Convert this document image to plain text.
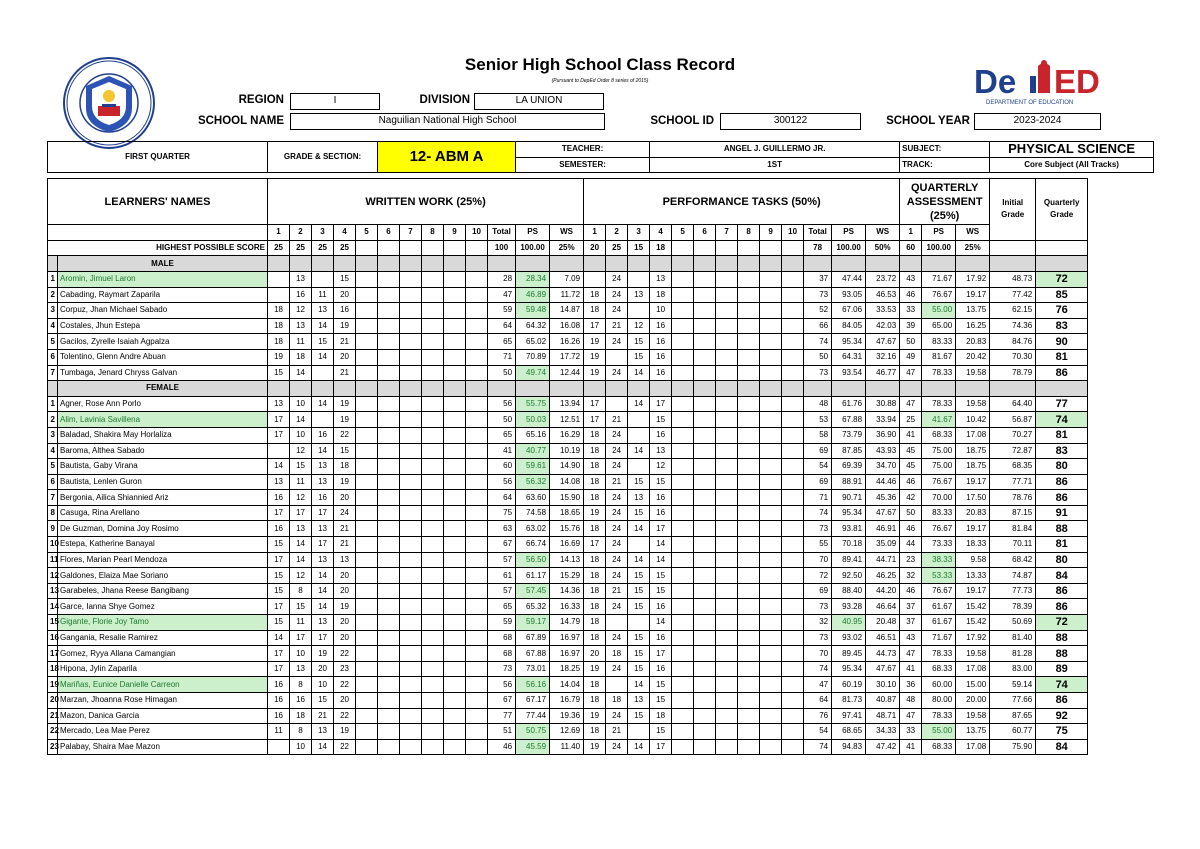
De ED
DEPARTMENT OF EDUCATION
Senior High School Class Record
(Pursuant to DepEd Order 8 series of 2015)
REGION	I	DIVISION	LA UNION
SCHOOL NAME	Naguilian National High School	SCHOOL ID	300122	SCHOOL YEAR	2023-2024
FIRST QUARTER		GRADE & SECTION:					12- ABM A						TEACHER:					ANGEL J. GUILLERMO JR.										SUBJECT:			PHYSICAL SCIENCE	
													SEMESTER:					1ST										TRACK:			Core Subject (All Tracks)	

LEARNERS' NAMES		WRITTEN WORK (25%)													PERFORMANCE TASKS (50%)													QUARTERLY ASSESSMENT (25%)			Initial Grade	Quarterly Grade

		1	2	3	4	5	6	7	8	9	10	Total	PS	WS	1	2	3	4	5	6	7	8	9	10	Total	PS	WS	1	PS	WS		
HIGHEST POSSIBLE SCORE		25	25	25	25							100	100.00	25%	20	25	15	18							78	100.00	50%	60	100.00	25%		
	MALE																															
1	Aromin, Jimuel Laron		13		15							28	28.34	7.09		24		13							37	47.44	23.72	43	71.67	17.92	48.73	72
2	Cabading, Raymart Zaparila		16	11	20							47	46.89	11.72	18	24	13	18							73	93.05	46.53	46	76.67	19.17	77.42	85
3	Corpuz, Jhan Michael Sabado	18	12	13	16							59	59.48	14.87	18	24		10							52	67.06	33.53	33	55.00	13.75	62.15	76
4	Costales, Jhun Estepa	18	13	14	19							64	64.32	16.08	17	21	12	16							66	84.05	42.03	39	65.00	16.25	74.36	83
5	Gacilos, Zyrelle Isaiah Agpalza	18	11	15	21							65	65.02	16.26	19	24	15	16							74	95.34	47.67	50	83.33	20.83	84.76	90
6	Tolentino, Glenn Andre Abuan	19	18	14	20							71	70.89	17.72	19		15	16							50	64.31	32.16	49	81.67	20.42	70.30	81
7	Tumbaga, Jenard Chryss Galvan	15	14		21							50	49.74	12.44	19	24	14	16							73	93.54	46.77	47	78.33	19.58	78.79	86
	FEMALE																															
1	Agner, Rose Ann Porlo	13	10	14	19							56	55.75	13.94	17		14	17							48	61.76	30.88	47	78.33	19.58	64.40	77
2	Alim, Lavinia Savillena	17	14		19							50	50.03	12.51	17	21		15							53	67.88	33.94	25	41.67	10.42	56.87	74
3	Baladad, Shakira May Horlaliza	17	10	16	22							65	65.16	16.29	18	24		16							58	73.79	36.90	41	68.33	17.08	70.27	81
4	Baroma, Althea Sabado		12	14	15							41	40.77	10.19	18	24	14	13							69	87.85	43.93	45	75.00	18.75	72.87	83
5	Bautista, Gaby Virana	14	15	13	18							60	59.61	14.90	18	24		12							54	69.39	34.70	45	75.00	18.75	68.35	80
6	Bautista, Lenlen Guron	13	11	13	19							56	56.32	14.08	18	21	15	15							69	88.91	44.46	46	76.67	19.17	77.71	86
7	Bergonia, Ailica Shiannied Ariz	16	12	16	20							64	63.60	15.90	18	24	13	16							71	90.71	45.36	42	70.00	17.50	78.76	86
8	Casuga, Rina Arellano	17	17	17	24							75	74.58	18.65	19	24	15	16							74	95.34	47.67	50	83.33	20.83	87.15	91
9	De Guzman, Domina Joy Rosimo	16	13	13	21							63	63.02	15.76	18	24	14	17							73	93.81	46.91	46	76.67	19.17	81.84	88
10	Estepa, Katherine Banayal	15	14	17	21							67	66.74	16.69	17	24		14							55	70.18	35.09	44	73.33	18.33	70.11	81
11	Flores, Marian Pearl Mendoza	17	14	13	13							57	56.50	14.13	18	24	14	14							70	89.41	44.71	23	38.33	9.58	68.42	80
12	Galdones, Elaiza Mae Soriano	15	12	14	20							61	61.17	15.29	18	24	15	15							72	92.50	46.25	32	53.33	13.33	74.87	84
13	Garabeles, Jhana Reese Bangibang	15	8	14	20							57	57.45	14.36	18	21	15	15							69	88.40	44.20	46	76.67	19.17	77.73	86
14	Garce, Ianna Shye Gomez	17	15	14	19							65	65.32	16.33	18	24	15	16							73	93.28	46.64	37	61.67	15.42	78.39	86
15	Gigante, Florie Joy Tamo	15	11	13	20							59	59.17	14.79	18			14							32	40.95	20.48	37	61.67	15.42	50.69	72
16	Gangania, Resalie Ramirez	14	17	17	20							68	67.89	16.97	18	24	15	16							73	93.02	46.51	43	71.67	17.92	81.40	88
17	Gomez, Ryya Allana Camangian	17	10	19	22							68	67.88	16.97	20	18	15	17							70	89.45	44.73	47	78.33	19.58	81.28	88
18	Hipona, Jylin Zaparila	17	13	20	23							73	73.01	18.25	19	24	15	16							74	95.34	47.67	41	68.33	17.08	83.00	89
19	Mariñas, Eunice Danielle Carreon	16	8	10	22							56	56.16	14.04	18		14	15							47	60.19	30.10	36	60.00	15.00	59.14	74
20	Marzan, Jhoanna Rose Himagan	16	16	15	20							67	67.17	16.79	18	18	13	15							64	81.73	40.87	48	80.00	20.00	77.66	86
21	Mazon, Danica Garcia	16	18	21	22							77	77.44	19.36	19	24	15	18							76	97.41	48.71	47	78.33	19.58	87.65	92
22	Mercado, Lea Mae Perez	11	8	13	19							51	50.75	12.69	18	21		15							54	68.65	34.33	33	55.00	13.75	60.77	75
23	Palabay, Shaira Mae Mazon		10	14	22							46	45.59	11.40	19	24	14	17							74	94.83	47.42	41	68.33	17.08	75.90	84
